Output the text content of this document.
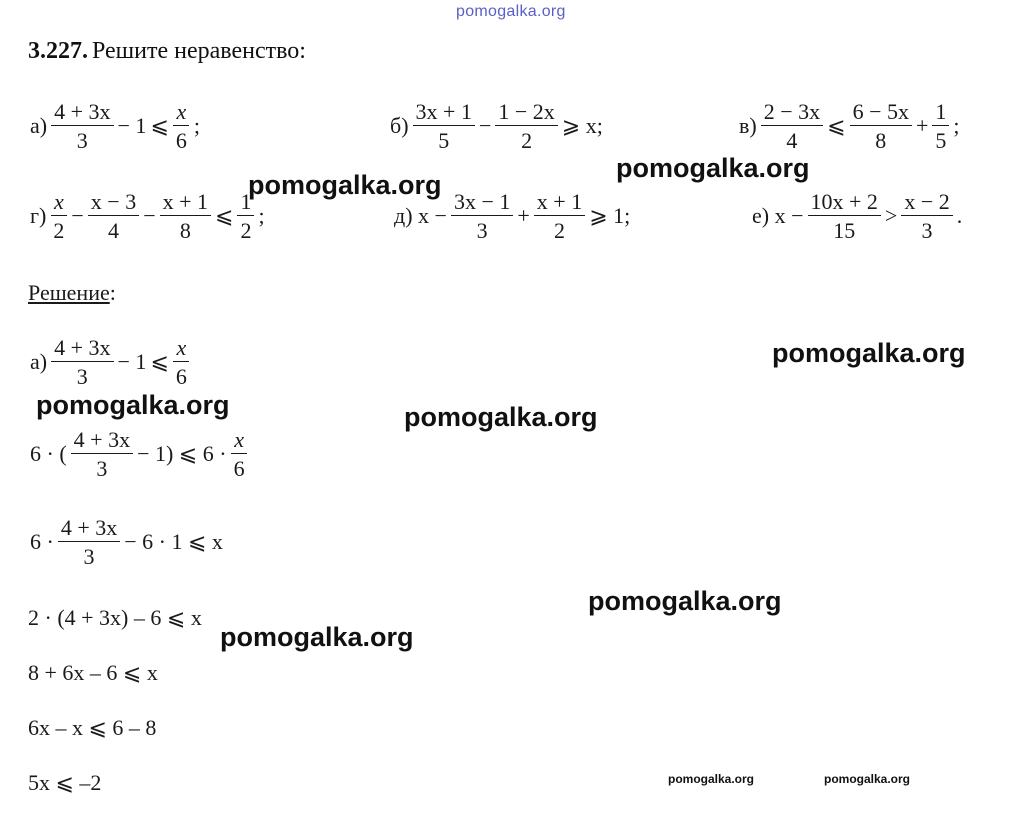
pomogalka.org
3.227. Решите неравенство:
$а) \frac{4 + 3x}{3} - 1$ ⩽ $\frac{x}{6}$ ;	$б) \frac{3x + 1}{5} - \frac{1 - 2x}{2}$ ⩾ x;	$в) \frac{2 - 3x}{4}$ ⩽ $\frac{6 - 5x}{8} + \frac{1}{5}$ ;
$г) \frac{x}{2} - \frac{x - 3}{4} - \frac{x + 1}{8}$ ⩽ $\frac{1}{2}$ ;	д) $x - \frac{3x - 1}{3} + \frac{x + 1}{2}$ ⩾ 1;	е) $x - \frac{10x + 2}{15} > \frac{x - 2}{3}$ .
Решение:
$а) \frac{4 + 3x}{3} - 1$ ⩽ $\frac{x}{6}$
6 · ( $\frac{4 + 3x}{3} - 1$) ⩽ $6 \cdot \frac{x}{6}$
$6 \cdot \frac{4 + 3x}{3} - 6 \cdot 1$ ⩽ x
2 · (4 + 3x) – 6 ⩽ x
8 + 6x – 6 ⩽ x
6x – x ⩽ 6 – 8
5x ⩽ –2
pomogalka.org
pomogalka.org
pomogalka.org
pomogalka.org	pomogalka.org
pomogalka.org
pomogalka.org
pomogalka.org	pomogalka.org
